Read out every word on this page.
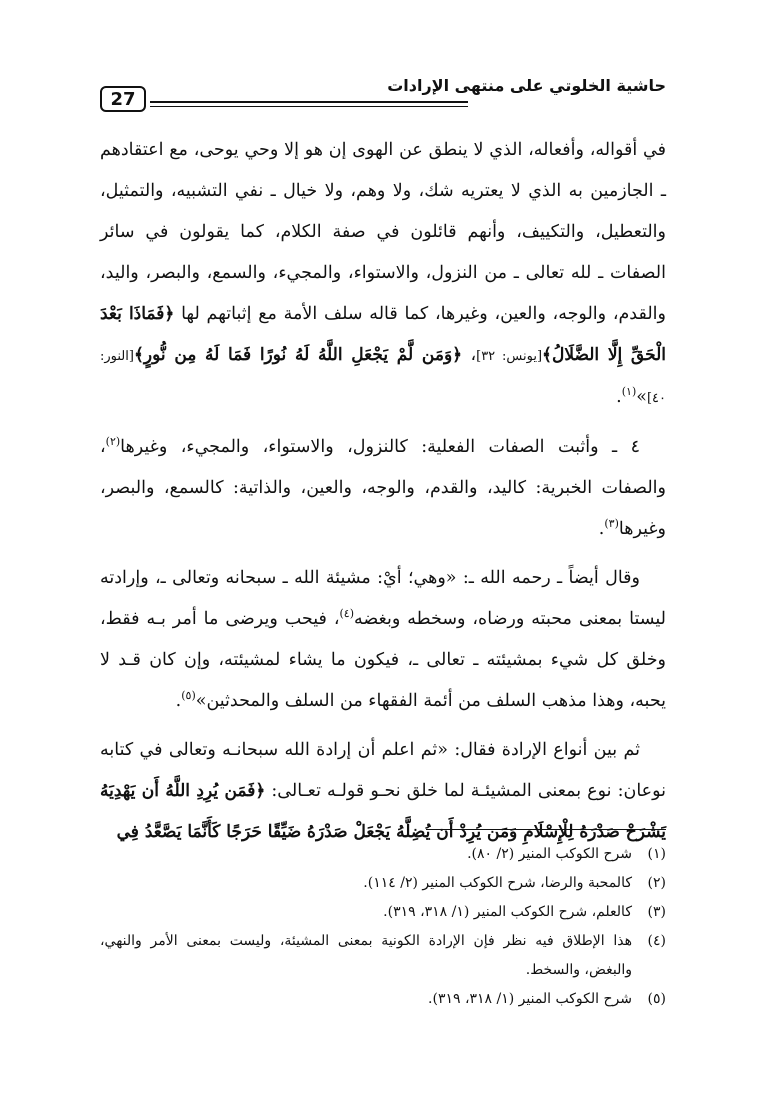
27
حاشية الخلوتي على منتهى الإرادات

في أقواله، وأفعاله، الذي لا ينطق عن الهوى إن هو إلا وحي يوحى، مع اعتقادهم ـ الجازمين به الذي لا يعتريه شك، ولا وهم، ولا خيال ـ نفي التشبيه، والتمثيل، والتعطيل، والتكييف، وأنهم قائلون في صفة الكلام، كما يقولون في سائر الصفات ـ لله تعالى ـ من النزول، والاستواء، والمجيء، والسمع، والبصر، واليد، والقدم، والوجه، والعين، وغيرها، كما قاله سلف الأمة مع إثباتهم لها ﴿فَمَاذَا بَعْدَ الْحَقِّ إِلَّا الضَّلَالُ﴾[يونس: ٣٢]، ﴿وَمَن لَّمْ يَجْعَلِ اللَّهُ لَهُ نُورًا فَمَا لَهُ مِن نُّورٍ﴾[النور: ٤٠]»$^{(١)}$.

٤ ـ وأثبت الصفات الفعلية: كالنزول، والاستواء، والمجيء، وغيرها$^{(٢)}$، والصفات الخبرية: كاليد، والقدم، والوجه، والعين، والذاتية: كالسمع، والبصر، وغيرها$^{(٣)}$.

وقال أيضاً ـ رحمه الله ـ: «وهي؛ أيْ: مشيئة الله ـ سبحانه وتعالى ـ، وإرادته ليستا بمعنى محبته ورضاه، وسخطه وبغضه$^{(٤)}$، فيحب ويرضى ما أمر بـه فقط، وخلق كل شيء بمشيئته ـ تعالى ـ، فيكون ما يشاء لمشيئته، وإن كان قـد لا يحبه، وهذا مذهب السلف من أئمة الفقهاء من السلف والمحدثين»$^{(٥)}$.

ثم بين أنواع الإرادة فقال: «ثم اعلم أن إرادة الله سبحانـه وتعالى في كتابه نوعان: نوع بمعنى المشيئـة لما خلق نحـو قولـه تعـالى: ﴿فَمَن يُرِدِ اللَّهُ أَن يَهْدِيَهُ يَشْرَحْ صَدْرَهُ لِلْإِسْلَامِ وَمَن يُرِدْ أَن يُضِلَّهُ يَجْعَلْ صَدْرَهُ ضَيِّقًا حَرَجًا كَأَنَّمَا يَصَّعَّدُ فِي

(١)
شرح الكوكب المنير (٢/ ٨٠).
(٢)
كالمحبة والرضا، شرح الكوكب المنير (٢/ ١١٤).
(٣)
كالعلم، شرح الكوكب المنير (١/ ٣١٨، ٣١٩).
(٤)
هذا الإطلاق فيه نظر فإن الإرادة الكونية بمعنى المشيئة، وليست بمعنى الأمر والنهي، والبغض، والسخط.
(٥)
شرح الكوكب المنير (١/ ٣١٨، ٣١٩).
